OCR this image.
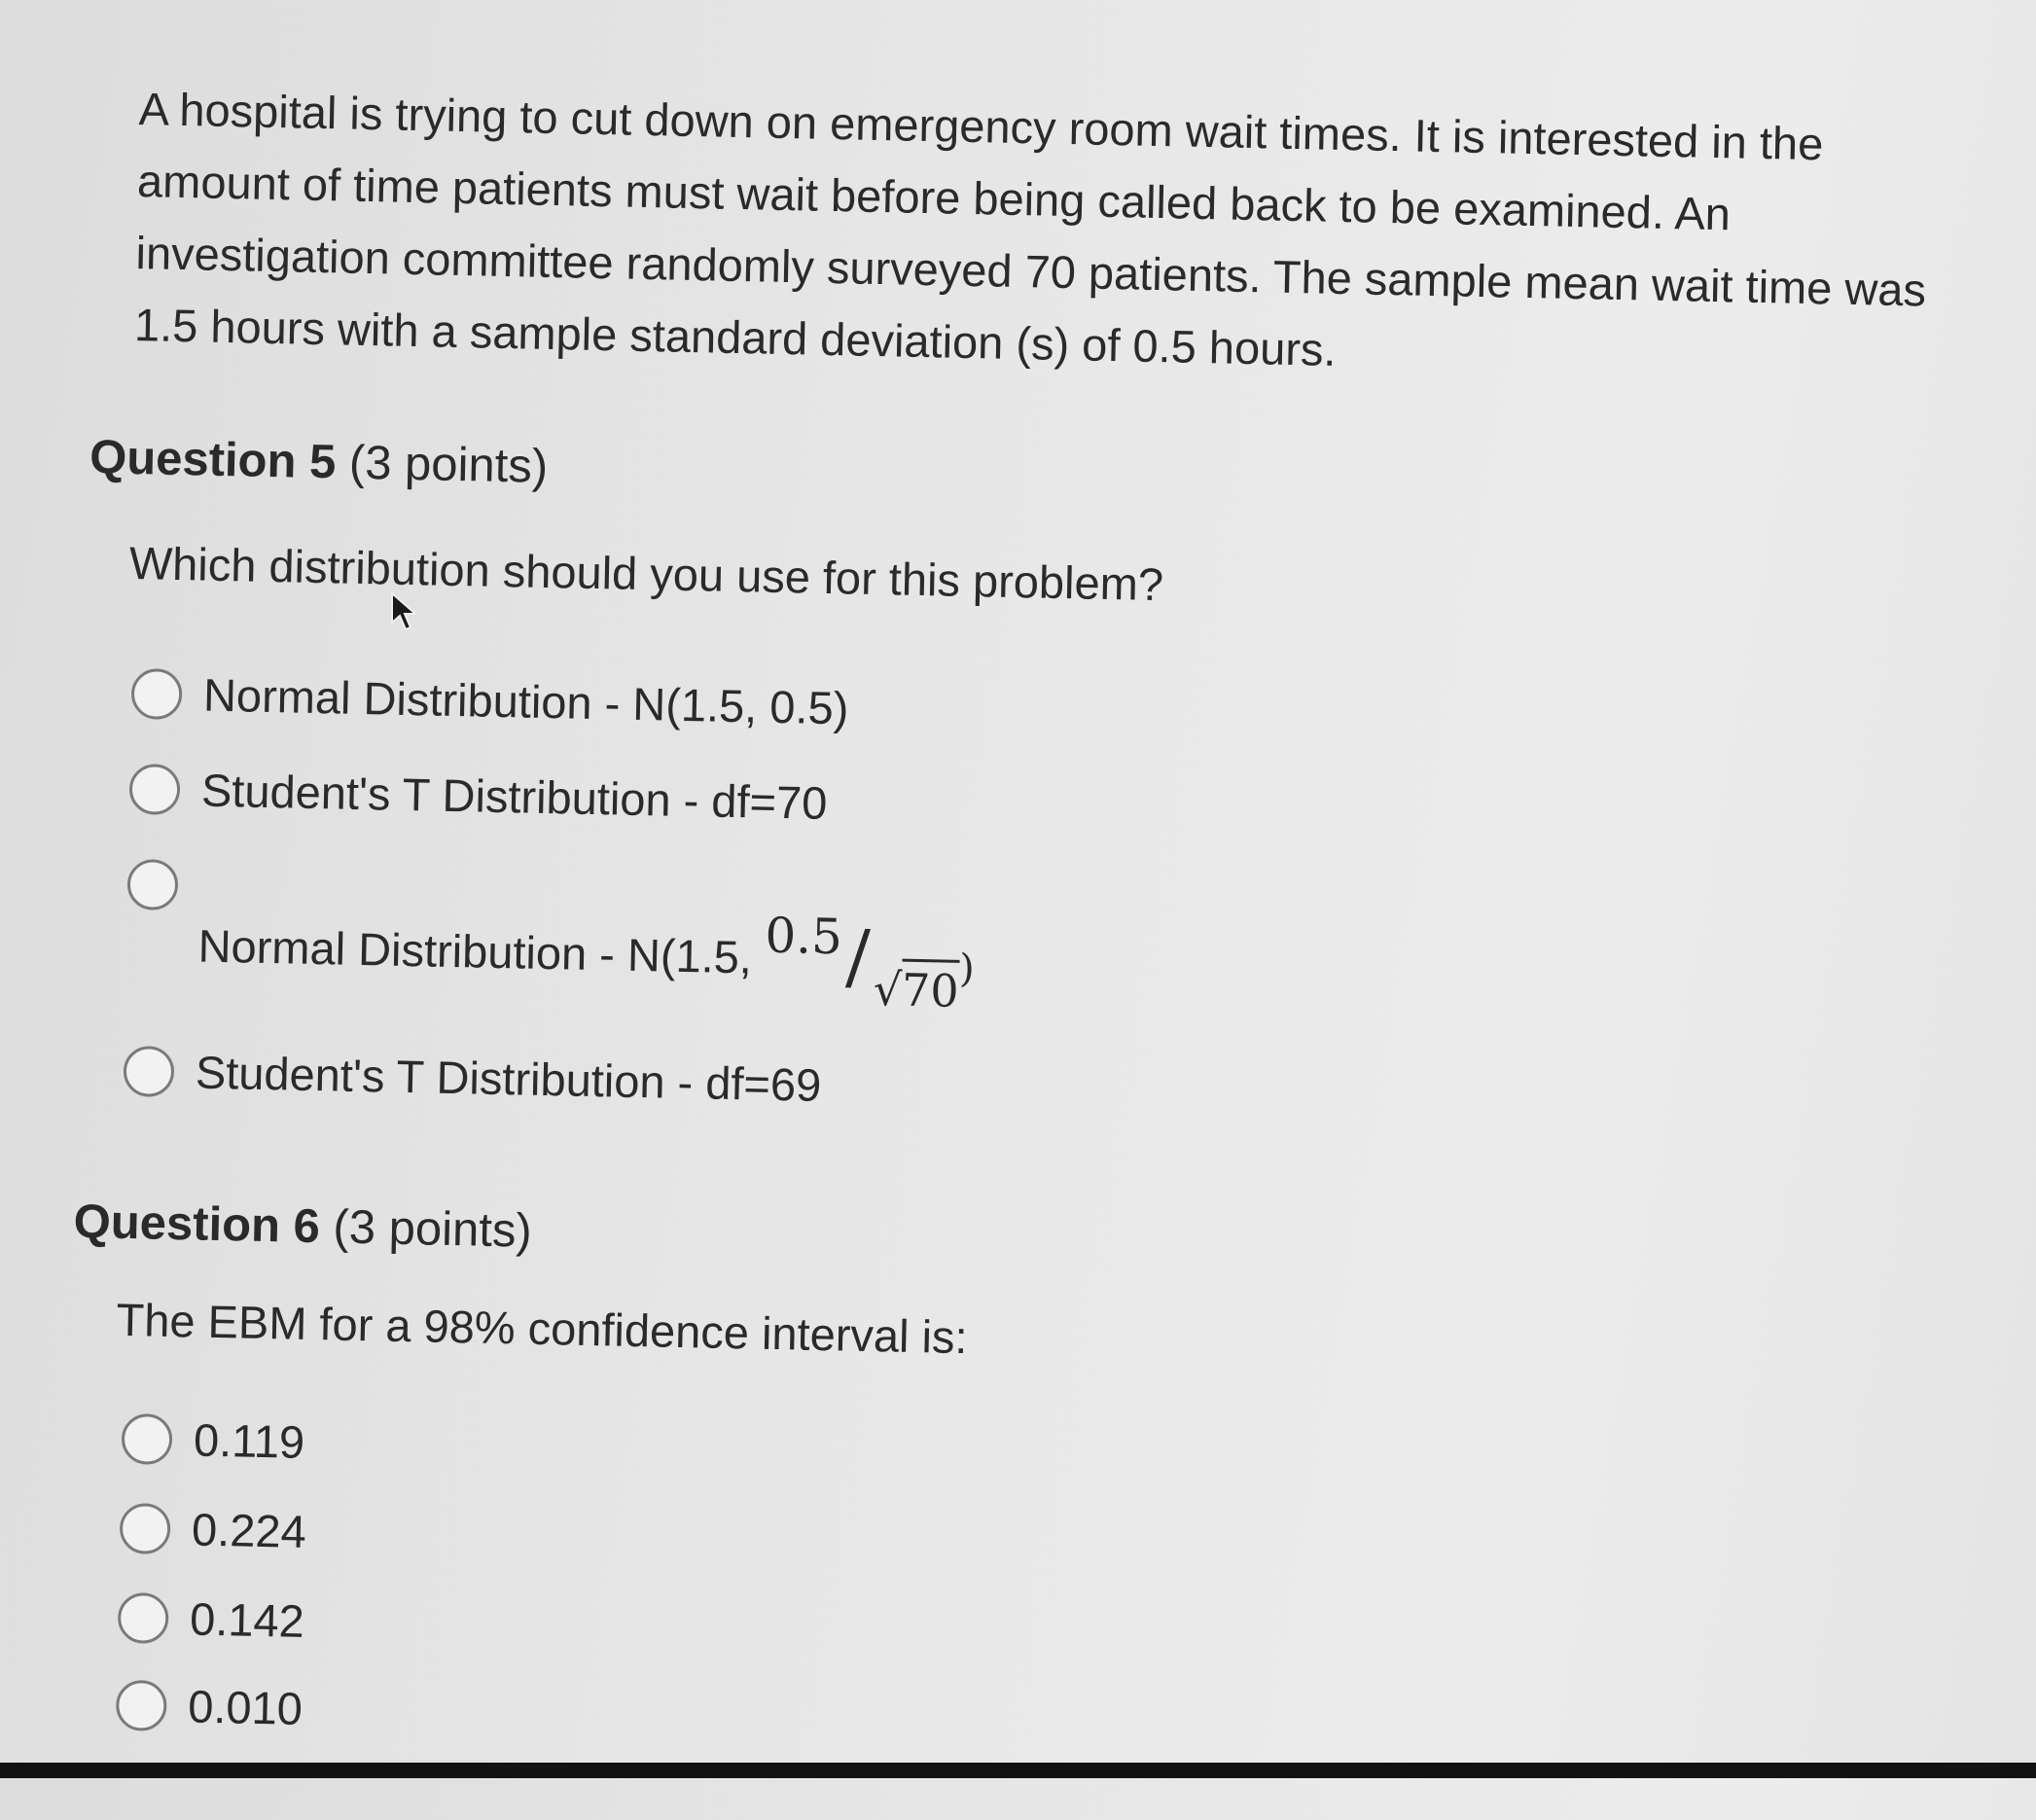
A hospital is trying to cut down on emergency room wait times. It is interested in the amount of time patients must wait before being called back to be examined. An investigation committee randomly surveyed 70 patients. The sample mean wait time was 1.5 hours with a sample standard deviation (s) of 0.5 hours.

Question 5 (3 points)

Which distribution should you use for this problem?

Normal Distribution - N(1.5, 0.5)
Student's T Distribution - df=70
Normal Distribution - N(1.5, 0.5/√70)
Student's T Distribution - df=69
Question 6 (3 points)

The EBM for a 98% confidence interval is:

0.119
0.224
0.142
0.010
